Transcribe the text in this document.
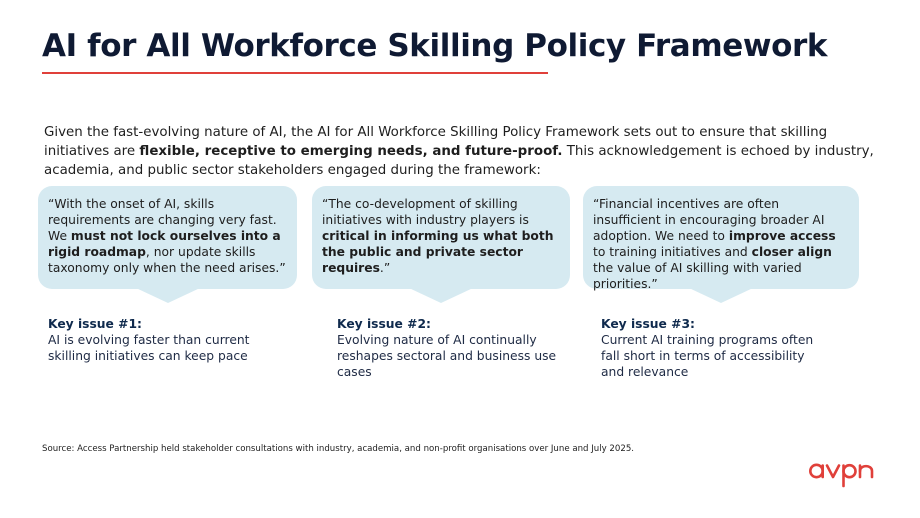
AI for All Workforce Skilling Policy Framework

Given the fast-evolving nature of AI, the AI for All Workforce Skilling Policy Framework sets out to ensure that skilling initiatives are flexible, receptive to emerging needs, and future-proof. This acknowledgement is echoed by industry, academia, and public sector stakeholders engaged during the framework:

“With the onset of AI, skills requirements are changing very fast. We must not lock ourselves into a rigid roadmap, nor update skills taxonomy only when the need arises.”
“The co-development of skilling initiatives with industry players is critical in informing us what both the public and private sector requires.”
“Financial incentives are often insufficient in encouraging broader AI adoption. We need to improve access to training initiatives and closer align the value of AI skilling with varied priorities.”
Key issue #1:
AI is evolving faster than current skilling initiatives can keep pace
Key issue #2:
Evolving nature of AI continually reshapes sectoral and business use cases
Key issue #3:
Current AI training programs often fall short in terms of accessibility and relevance
Source: Access Partnership held stakeholder consultations with industry, academia, and non-profit organisations over June and July 2025.
